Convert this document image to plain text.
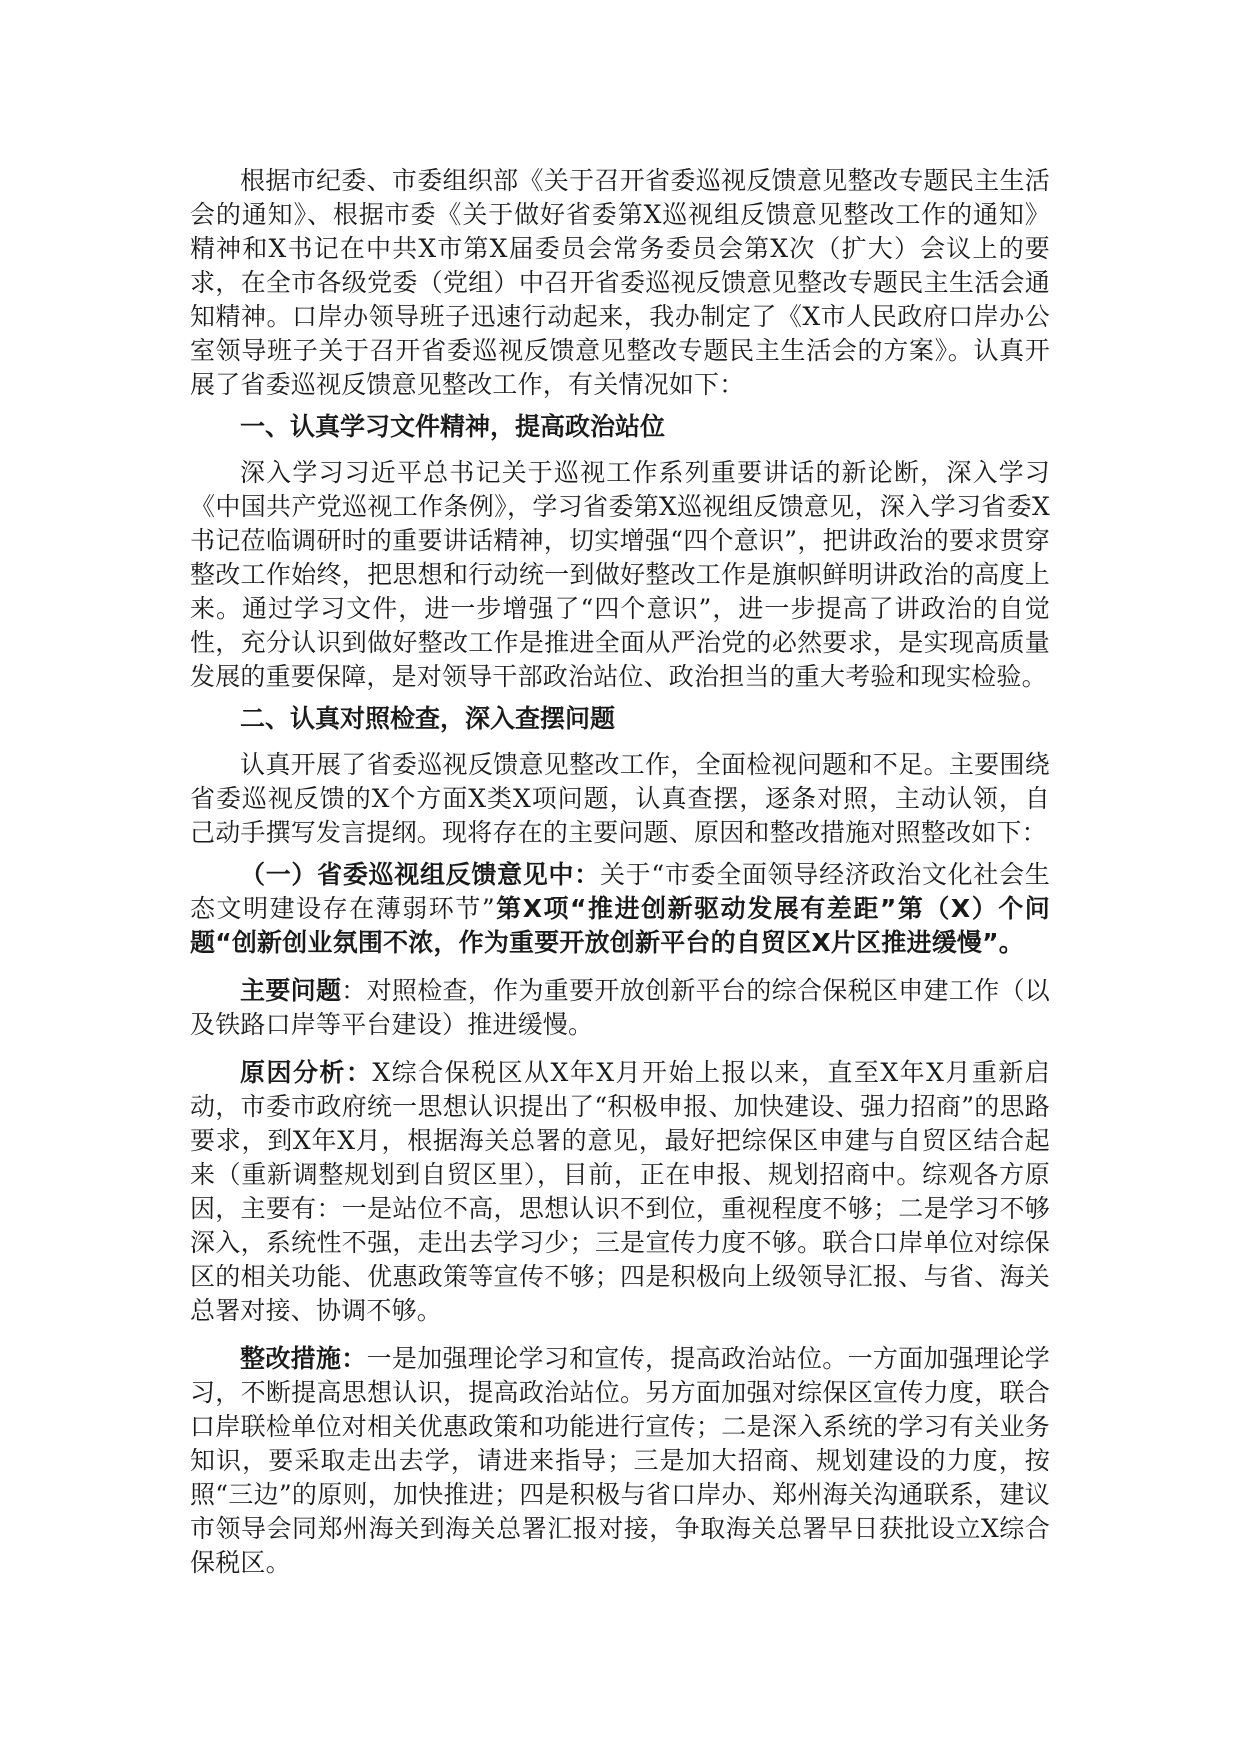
根据市纪委、市委组织部《关于召开省委巡视反馈意见整改专题民主生活会的通知》、根据市委《关于做好省委第X巡视组反馈意见整改工作的通知》精神和X书记在中共X市第X届委员会常务委员会第X次（扩大）会议上的要求，在全市各级党委（党组）中召开省委巡视反馈意见整改专题民主生活会通知精神。口岸办领导班子迅速行动起来，我办制定了《X市人民政府口岸办公室领导班子关于召开省委巡视反馈意见整改专题民主生活会的方案》。认真开展了省委巡视反馈意见整改工作，有关情况如下：

一、认真学习文件精神，提高政治站位

深入学习习近平总书记关于巡视工作系列重要讲话的新论断，深入学习《中国共产党巡视工作条例》，学习省委第X巡视组反馈意见，深入学习省委X书记莅临调研时的重要讲话精神，切实增强“四个意识”，把讲政治的要求贯穿整改工作始终，把思想和行动统一到做好整改工作是旗帜鲜明讲政治的高度上来。通过学习文件，进一步增强了“四个意识”，进一步提高了讲政治的自觉性，充分认识到做好整改工作是推进全面从严治党的必然要求，是实现高质量发展的重要保障，是对领导干部政治站位、政治担当的重大考验和现实检验。

二、认真对照检查，深入查摆问题

认真开展了省委巡视反馈意见整改工作，全面检视问题和不足。主要围绕省委巡视反馈的X个方面X类X项问题，认真查摆，逐条对照，主动认领，自己动手撰写发言提纲。现将存在的主要问题、原因和整改措施对照整改如下：

（一）省委巡视组反馈意见中：关于“市委全面领导经济政治文化社会生态文明建设存在薄弱环节”第X项“推进创新驱动发展有差距”第（X）个问题“创新创业氛围不浓，作为重要开放创新平台的自贸区X片区推进缓慢”。

主要问题：对照检查，作为重要开放创新平台的综合保税区申建工作（以及铁路口岸等平台建设）推进缓慢。

原因分析：X综合保税区从X年X月开始上报以来，直至X年X月重新启动，市委市政府统一思想认识提出了“积极申报、加快建设、强力招商”的思路要求，到X年X月，根据海关总署的意见，最好把综保区申建与自贸区结合起来（重新调整规划到自贸区里），目前，正在申报、规划招商中。综观各方原因，主要有：一是站位不高，思想认识不到位，重视程度不够；二是学习不够深入，系统性不强，走出去学习少；三是宣传力度不够。联合口岸单位对综保区的相关功能、优惠政策等宣传不够；四是积极向上级领导汇报、与省、海关总署对接、协调不够。

整改措施：一是加强理论学习和宣传，提高政治站位。一方面加强理论学习，不断提高思想认识，提高政治站位。另方面加强对综保区宣传力度，联合口岸联检单位对相关优惠政策和功能进行宣传；二是深入系统的学习有关业务知识，要采取走出去学，请进来指导；三是加大招商、规划建设的力度，按照“三边”的原则，加快推进；四是积极与省口岸办、郑州海关沟通联系，建议市领导会同郑州海关到海关总署汇报对接，争取海关总署早日获批设立X综合保税区。
